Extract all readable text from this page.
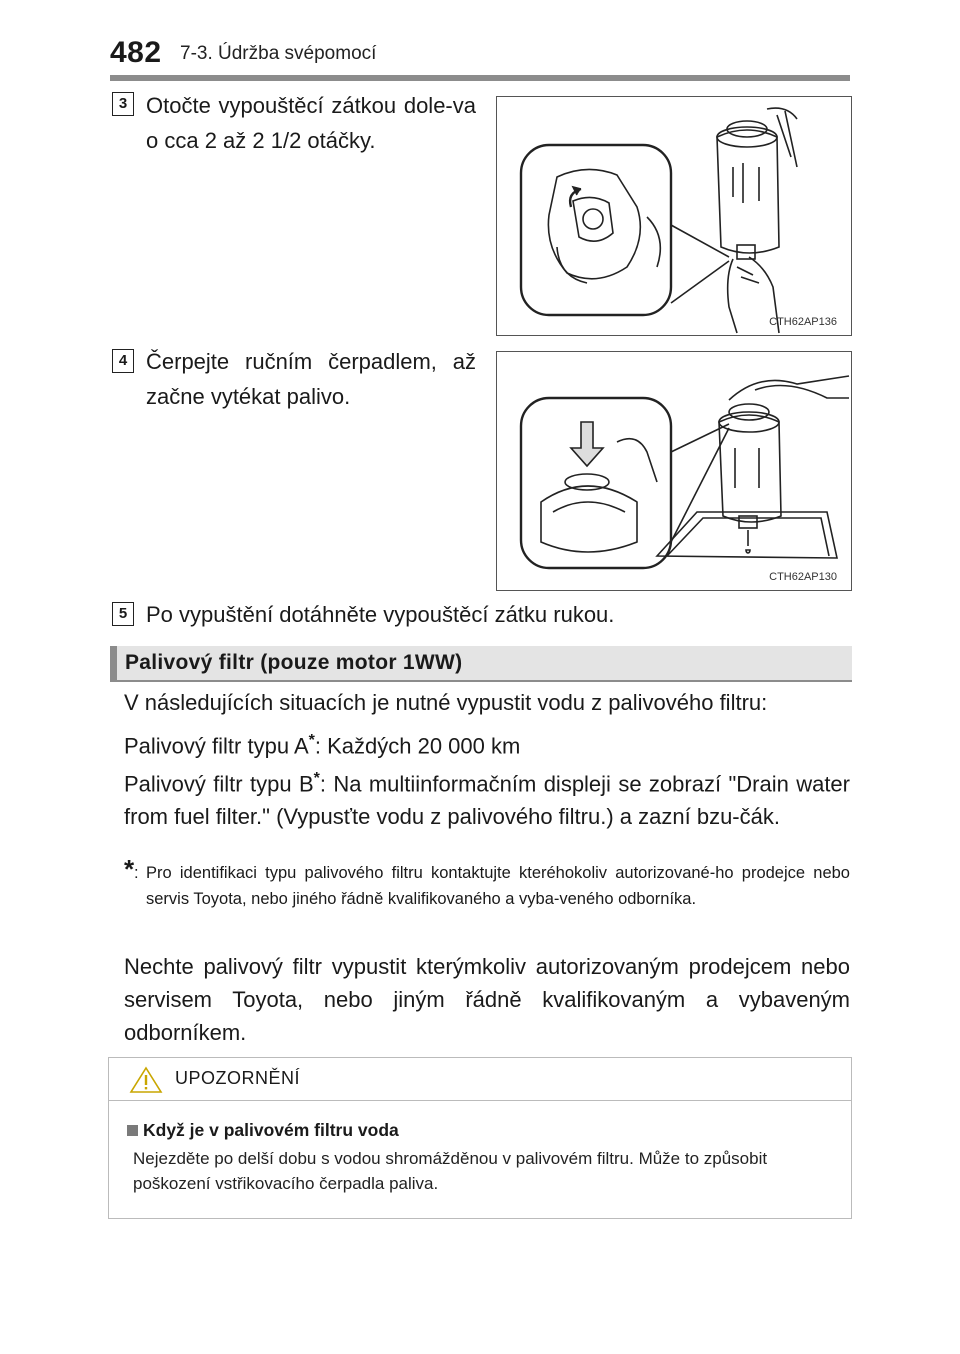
482 7-3. Údržba svépomocí
3 Otočte vypouštěcí zátkou dole-va o cca 2 až 2 1/2 otáčky.
CTH62AP136
4 Čerpejte ručním čerpadlem, až začne vytékat palivo.
CTH62AP130
5 Po vypuštění dotáhněte vypouštěcí zátku rukou.
Palivový filtr (pouze motor 1WW)
V následujících situacích je nutné vypustit vodu z palivového filtru:
Palivový filtr typu A*: Každých 20 000 km
Palivový filtr typu B*: Na multiinformačním displeji se zobrazí "Drain water from fuel filter." (Vypusťte vodu z palivového filtru.) a zazní bzu-čák.
* : Pro identifikaci typu palivového filtru kontaktujte kteréhokoliv autorizované-ho prodejce nebo servis Toyota, nebo jiného řádně kvalifikovaného a vyba-veného odborníka.
Nechte palivový filtr vypustit kterýmkoliv autorizovaným prodejcem nebo servisem Toyota, nebo jiným řádně kvalifikovaným a vybaveným odborníkem.
UPOZORNĚNÍ
Když je v palivovém filtru voda
Nejezděte po delší dobu s vodou shromážděnou v palivovém filtru. Může to způsobit poškození vstřikovacího čerpadla paliva.
